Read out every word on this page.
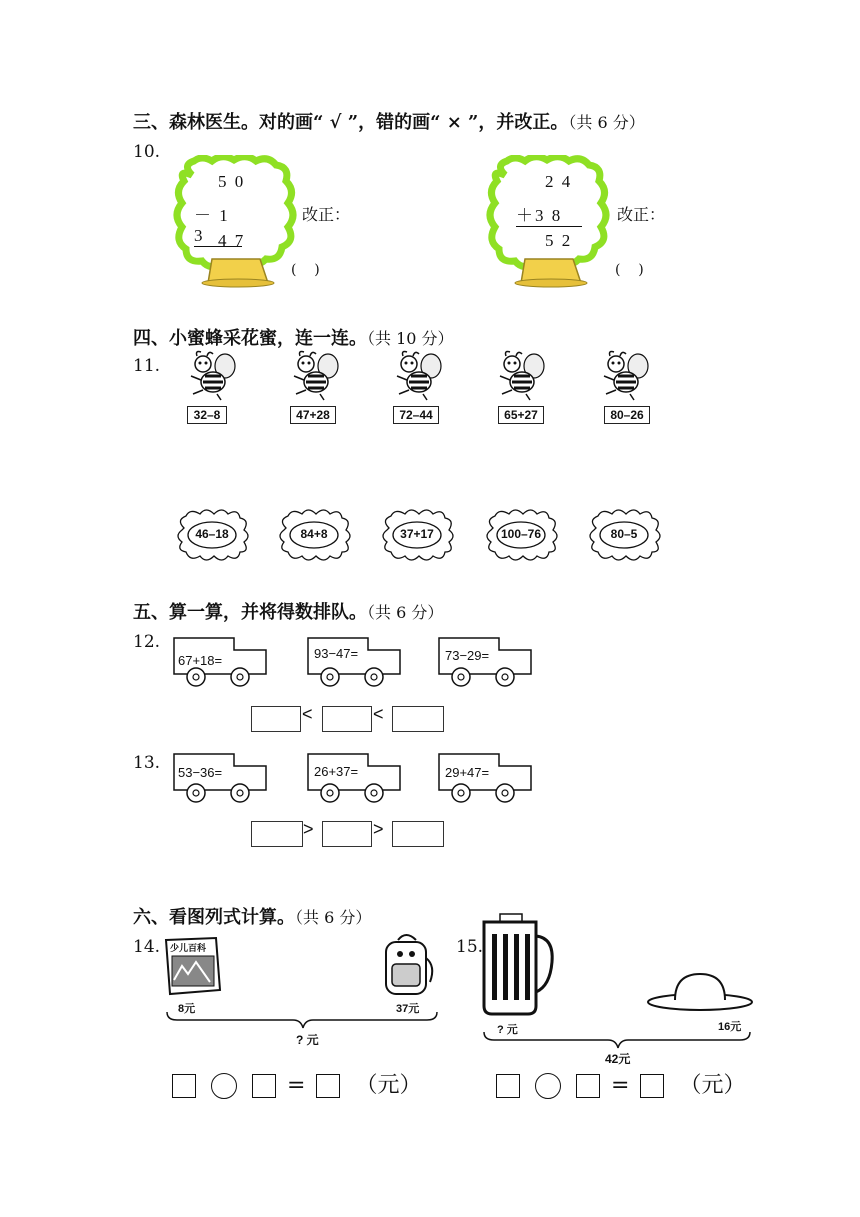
三、森林医生。对的画“ √ ”，错的画“ × ”，并改正。（共 6 分）
10.
5 0
－ 1 3 4 7
改正：
(    )
2 4
＋3 8
5 2
改正：
(    )
四、小蜜蜂采花蜜，连一连。（共 10 分）
11.
32–8	47+28	72–44	65+27	80–26
46–18	84+8	37+17	100–76	80–5
五、算一算，并将得数排队。（共 6 分）
12.
67+18=	93−47=	73−29=
<	<
13. 53−36=	26+37=	29+47=
>	>
六、看图列式计算。（共 6 分）
14. 少儿百科
8元	37元
? 元
= （元）
15.
? 元	16元
42元
= （元）
